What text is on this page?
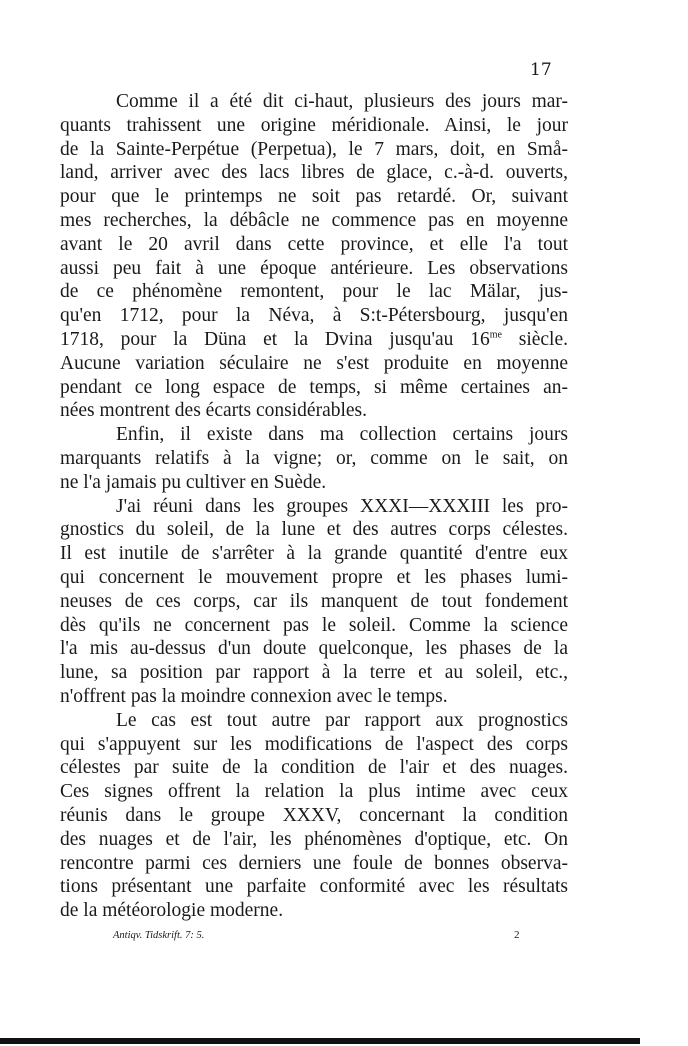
17
Comme il a été dit ci-haut, plusieurs des jours mar-
quants trahissent une origine méridionale. Ainsi, le jour
de la Sainte-Perpétue (Perpetua), le 7 mars, doit, en Små-
land, arriver avec des lacs libres de glace, c.-à-d. ouverts,
pour que le printemps ne soit pas retardé. Or, suivant
mes recherches, la débâcle ne commence pas en moyenne
avant le 20 avril dans cette province, et elle l'a tout
aussi peu fait à une époque antérieure. Les observations
de ce phénomène remontent, pour le lac Mälar, jus-
qu'en 1712, pour la Néva, à S:t-Pétersbourg, jusqu'en
1718, pour la Düna et la Dvina jusqu'au $16^{me}$ siècle.
Aucune variation séculaire ne s'est produite en moyenne
pendant ce long espace de temps, si même certaines an-
nées montrent des écarts considérables.
Enfin, il existe dans ma collection certains jours
marquants relatifs à la vigne; or, comme on le sait, on
ne l'a jamais pu cultiver en Suède.
J'ai réuni dans les groupes XXXI—XXXIII les pro-
gnostics du soleil, de la lune et des autres corps célestes.
Il est inutile de s'arrêter à la grande quantité d'entre eux
qui concernent le mouvement propre et les phases lumi-
neuses de ces corps, car ils manquent de tout fondement
dès qu'ils ne concernent pas le soleil. Comme la science
l'a mis au-dessus d'un doute quelconque, les phases de la
lune, sa position par rapport à la terre et au soleil, etc.,
n'offrent pas la moindre connexion avec le temps.
Le cas est tout autre par rapport aux prognostics
qui s'appuyent sur les modifications de l'aspect des corps
célestes par suite de la condition de l'air et des nuages.
Ces signes offrent la relation la plus intime avec ceux
réunis dans le groupe XXXV, concernant la condition
des nuages et de l'air, les phénomènes d'optique, etc. On
rencontre parmi ces derniers une foule de bonnes observa-
tions présentant une parfaite conformité avec les résultats
de la météorologie moderne.
Antiqv. Tidskrift. 7: 5.	2
